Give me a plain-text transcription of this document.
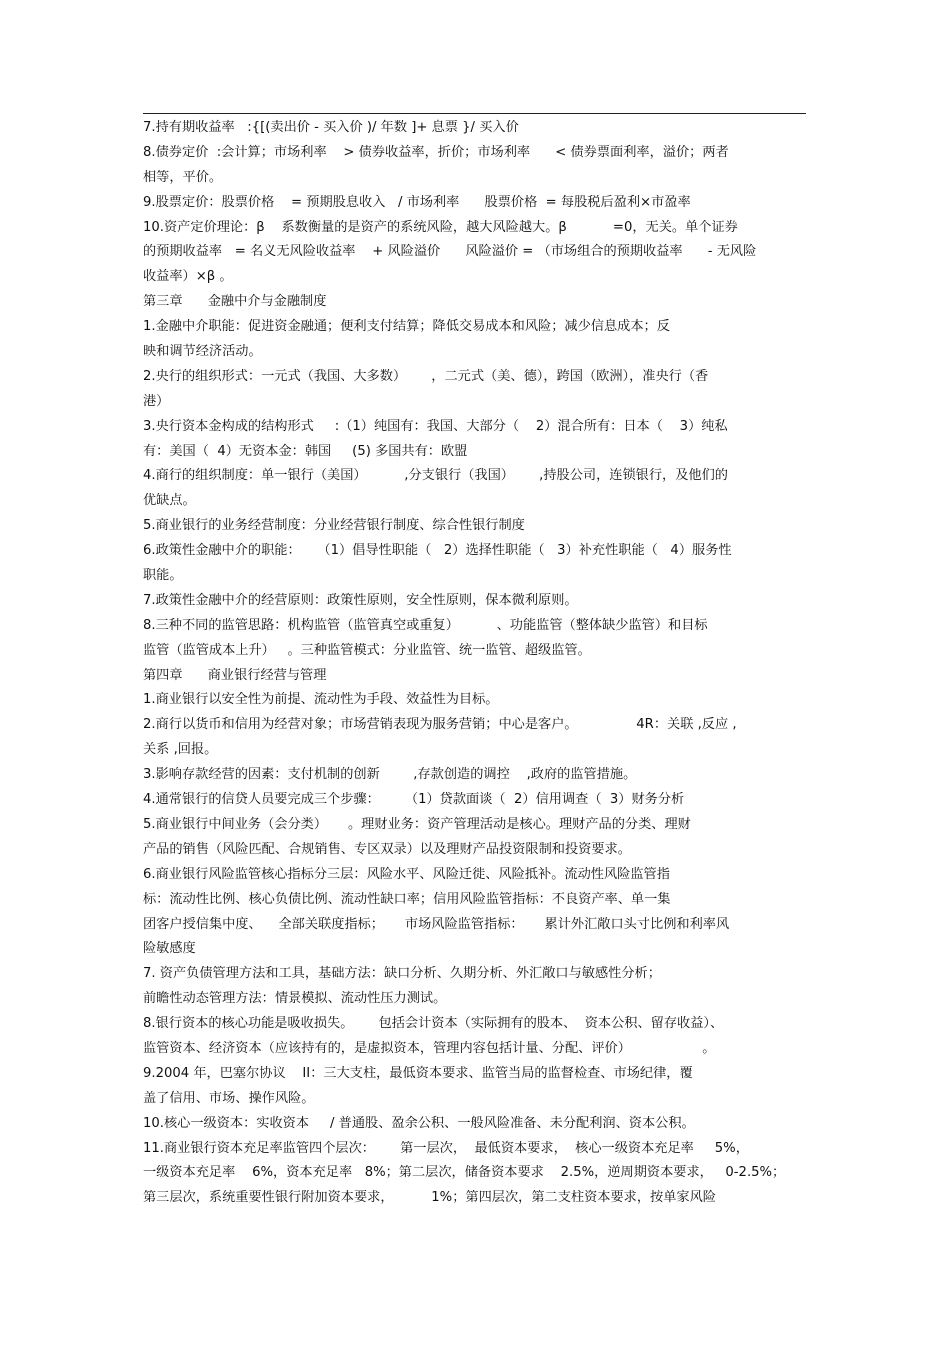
7.持有期收益率   :{[(卖出价 - 买入价 )/ 年数 ]+ 息票 }/ 买入价
8.债券定价  :会计算；市场利率    > 债券收益率，折价；市场利率      < 债券票面利率，溢价；两者
相等，平价。
9.股票定价：股票价格    = 预期股息收入   / 市场利率      股票价格  = 每股税后盈利×市盈率
10.资产定价理论：β    系数衡量的是资产的系统风险，越大风险越大。β           =0，无关。单个证券
的预期收益率   = 名义无风险收益率    + 风险溢价      风险溢价 = （市场组合的预期收益率      - 无风险
收益率）×β 。
第三章      金融中介与金融制度
1.金融中介职能：促进资金融通；便利支付结算；降低交易成本和风险；减少信息成本；反
映和调节经济活动。
2.央行的组织形式：一元式（我国、大多数）      ，二元式（美、德），跨国（欧洲），准央行（香
港）
3.央行资本金构成的结构形式     :（1）纯国有：我国、大部分（    2）混合所有：日本（    3）纯私
有：美国（  4）无资本金：韩国     (5) 多国共有：欧盟
4.商行的组织制度：单一银行（美国）         ,分支银行（我国）      ,持股公司，连锁银行，及他们的
优缺点。
5.商业银行的业务经营制度：分业经营银行制度、综合性银行制度
6.政策性金融中介的职能：    （1）倡导性职能（   2）选择性职能（   3）补充性职能（   4）服务性
职能。
7.政策性金融中介的经营原则：政策性原则，安全性原则，保本微利原则。
8.三种不同的监管思路：机构监管（监管真空或重复）         、功能监管（整体缺少监管）和目标
监管（监管成本上升）   。三种监管模式：分业监管、统一监管、超级监管。
第四章      商业银行经营与管理
1.商业银行以安全性为前提、流动性为手段、效益性为目标。
2.商行以货币和信用为经营对象；市场营销表现为服务营销；中心是客户。              4R：关联 ,反应 ,
关系 ,回报。
3.影响存款经营的因素：支付机制的创新        ,存款创造的调控    ,政府的监管措施。
4.通常银行的信贷人员要完成三个步骤：      （1）贷款面谈（  2）信用调查（  3）财务分析
5.商业银行中间业务（会分类）     。理财业务：资产管理活动是核心。理财产品的分类、理财
产品的销售（风险匹配、合规销售、专区双录）以及理财产品投资限制和投资要求。
6.商业银行风险监管核心指标分三层：风险水平、风险迁徙、风险抵补。流动性风险监管指
标：流动性比例、核心负债比例、流动性缺口率；信用风险监管指标：不良资产率、单一集
团客户授信集中度、    全部关联度指标；     市场风险监管指标：     累计外汇敞口头寸比例和利率风
险敏感度
7. 资产负债管理方法和工具，基础方法：缺口分析、久期分析、外汇敞口与敏感性分析；
前瞻性动态管理方法：情景模拟、流动性压力测试。
8.银行资本的核心功能是吸收损失。      包括会计资本（实际拥有的股本、  资本公积、留存收益）、
监管资本、经济资本（应该持有的，是虚拟资本，管理内容包括计量、分配、评价）                 。
9.2004 年，巴塞尔协议    II：三大支柱，最低资本要求、监管当局的监督检查、市场纪律，覆
盖了信用、市场、操作风险。
10.核心一级资本：实收资本     / 普通股、盈余公积、一般风险准备、未分配利润、资本公积。
11.商业银行资本充足率监管四个层次：      第一层次，  最低资本要求，  核心一级资本充足率     5%，
一级资本充足率    6%，资本充足率   8%；第二层次，储备资本要求    2.5%，逆周期资本要求，   0-2.5%；
第三层次，系统重要性银行附加资本要求，         1%；第四层次，第二支柱资本要求，按单家风险
